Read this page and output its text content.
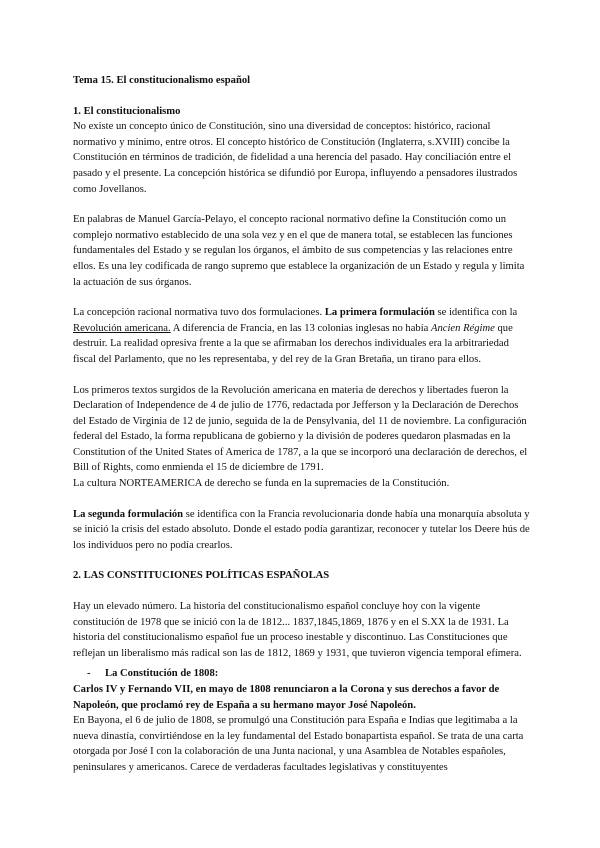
Tema 15. El constitucionalismo español

1. El constitucionalismo

No existe un concepto único de Constitución, sino una diversidad de conceptos: histórico, racional normativo y mínimo, entre otros. El concepto histórico de Constitución (Inglaterra, s.XVIII) concibe la Constitución en términos de tradición, de fidelidad a una herencia del pasado. Hay conciliación entre el pasado y el presente. La concepción histórica se difundió por Europa, influyendo a pensadores ilustrados como Jovellanos.

En palabras de Manuel García-Pelayo, el concepto racional normativo define la Constitución como un complejo normativo establecido de una sola vez y en el que de manera total, se establecen las funciones fundamentales del Estado y se regulan los órganos, el ámbito de sus competencias y las relaciones entre ellos. Es una ley codificada de rango supremo que establece la organización de un Estado y regula y limita la actuación de sus órganos.

La concepción racional normativa tuvo dos formulaciones. La primera formulación se identifica con la Revolución americana. A diferencia de Francia, en las 13 colonias inglesas no había Ancien Régime que destruir. La realidad opresiva frente a la que se afirmaban los derechos individuales era la arbitrariedad fiscal del Parlamento, que no les representaba, y del rey de la Gran Bretaña, un tirano para ellos.

Los primeros textos surgidos de la Revolución americana en materia de derechos y libertades fueron la Declaration of Independence de 4 de julio de 1776, redactada por Jefferson y la Declaración de Derechos del Estado de Virginia de 12 de junio, seguida de la de Pensylvania, del 11 de noviembre. La configuración federal del Estado, la forma republicana de gobierno y la división de poderes quedaron plasmadas en la Constitution of the United States of America de 1787, a la que se incorporó una declaración de derechos, el Bill of Rights, como enmienda el 15 de diciembre de 1791.

La cultura NORTEAMERICA de derecho se funda en la supremacies de la Constitución.

La segunda formulación se identifica con la Francia revolucionaria donde había una monarquía absoluta y se inició la crisis del estado absoluto. Donde el estado podía garantizar, reconocer y tutelar los Deere hús de los individuos pero no podía crearlos.

2. LAS CONSTITUCIONES POLÍTICAS ESPAÑOLAS

Hay un elevado número. La historia del constitucionalismo español concluye hoy con la vigente constitución de 1978 que se inició con la de 1812... 1837,1845,1869, 1876 y en el S.XX la de 1931. La historia del constitucionalismo español fue un proceso inestable y discontinuo. Las Constituciones que reflejan un liberalismo más radical son las de 1812, 1869 y 1931, que tuvieron vigencia temporal efímera.

-	La Constitución de 1808:

Carlos IV y Fernando VII, en mayo de 1808 renunciaron a la Corona y sus derechos a favor de Napoleón, que proclamó rey de España a su hermano mayor José Napoleón.

En Bayona, el 6 de julio de 1808, se promulgó una Constitución para España e Indias que legitimaba a la nueva dinastía, convirtiéndose en la ley fundamental del Estado bonapartista español. Se trata de una carta otorgada por José I con la colaboración de una Junta nacional, y una Asamblea de Notables españoles, peninsulares y americanos. Carece de verdaderas facultades legislativas y constituyentes
